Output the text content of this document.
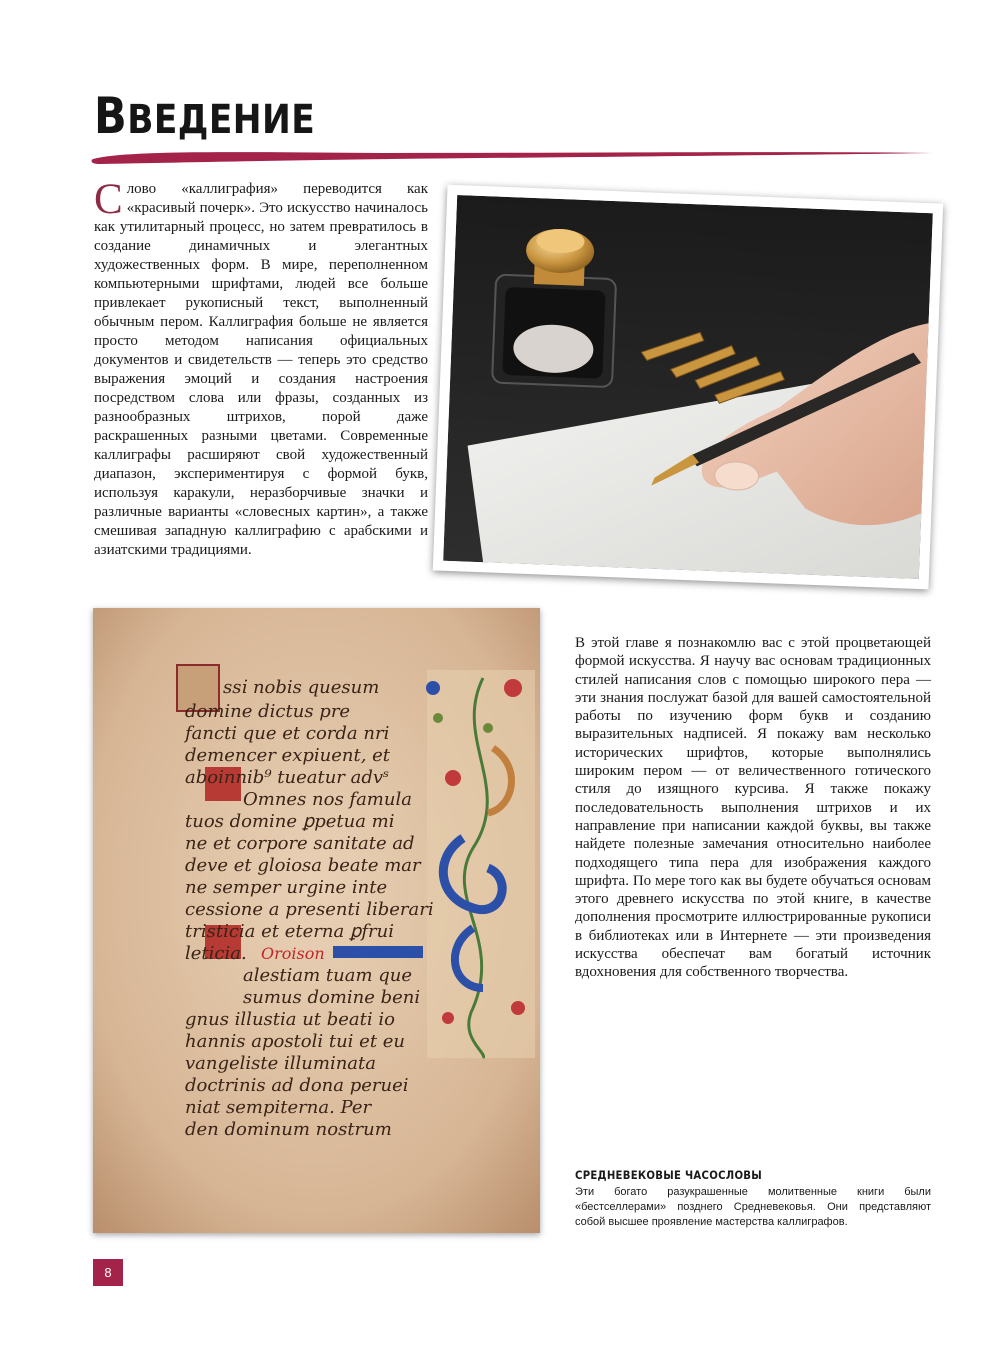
ВВЕДЕНИЕ

Слово «каллиграфия» переводится как «красивый почерк». Это искусство начиналось как утилитарный процесс, но затем превратилось в создание динамичных и элегантных художественных форм. В мире, переполненном компьютерными шрифтами, людей все больше привлекает рукописный текст, выполненный обычным пером. Каллиграфия больше не является просто методом написания официальных документов и свидетельств — теперь это средство выражения эмоций и создания настроения посредством слова или фразы, созданных из разнообразных штрихов, порой даже раскрашенных разными цветами. Современные каллиграфы расширяют свой художественный диапазон, экспериментируя с формой букв, используя каракули, неразборчивые значки и различные варианты «словесных картин», а также смешивая западную каллиграфию с арабскими и азиатскими традициями.

ssi̇ nobis quesum
domine dictus pre
fancti que et corda nri
demencer expiuent, et
aboinnib⁹ tueatur advˢ
Omnes nos famula
tuos domine ꝑpetua mi
ne et corpore sanitate ad
deve et gloiosa beate mar
ne semper urgine inte
cessione a presenti liberari
tristicia et eterna ꝑfrui
leticia.
alestiam tuam que
sumus domine beni
gnus illustia ut beati io
hannis apostoli tui et eu
vangeliste illuminata
doctrinis ad dona peruei
niat sempiterna. Per
den dominum nostrum
Oroison

В этой главе я познакомлю вас с этой процветающей формой искусства. Я научу вас основам традиционных стилей написания слов с помощью широкого пера — эти знания послужат базой для вашей самостоятельной работы по изучению форм букв и созданию выразительных надписей. Я покажу вам несколько исторических шрифтов, которые выполнялись широким пером — от величественного готического стиля до изящного курсива. Я также покажу последовательность выполнения штрихов и их направление при написании каждой буквы, вы также найдете полезные замечания относительно наиболее подходящего типа пера для изображения каждого шрифта. По мере того как вы будете обучаться основам этого древнего искусства по этой книге, в качестве дополнения просмотрите иллюстрированные рукописи в библиотеках или в Интернете — эти произведения искусства обеспечат вам богатый источник вдохновения для собственного творчества.

СРЕДНЕВЕКОВЫЕ ЧАСОСЛОВЫ

Эти богато разукрашенные молитвенные книги были «бестселлерами» позднего Средневековья. Они представляют собой высшее проявление мастерства каллиграфов.

8
